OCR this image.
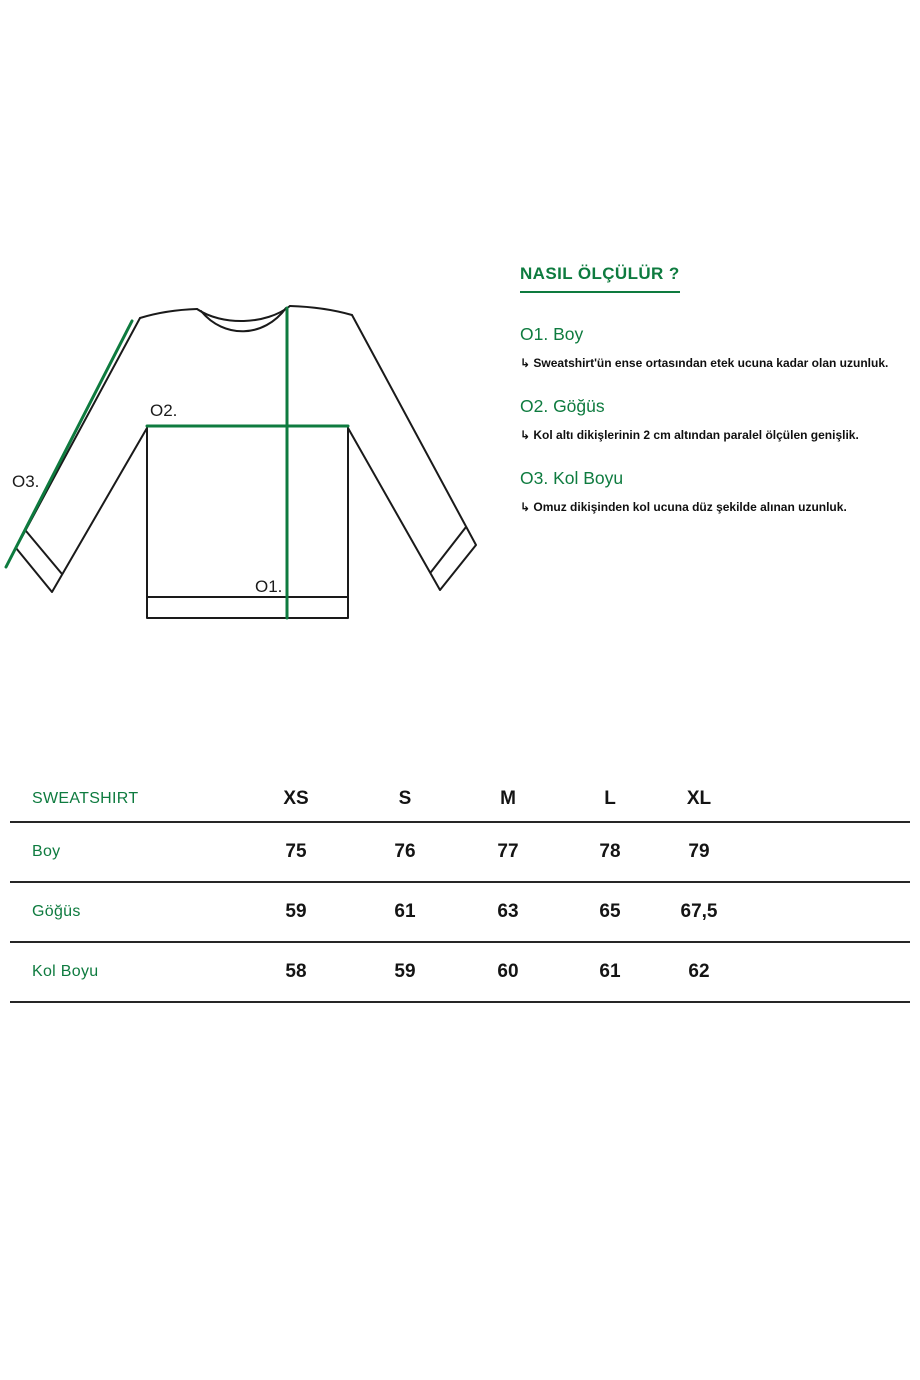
O2.
O1.
O3.
NASIL ÖLÇÜLÜR ?
O1. Boy

↳ Sweatshirt'ün ense ortasından etek ucuna kadar olan uzunluk.

O2. Göğüs

↳ Kol altı dikişlerinin 2 cm altından paralel ölçülen genişlik.

O3. Kol Boyu

↳ Omuz dikişinden kol ucuna düz şekilde alınan uzunluk.

SWEATSHIRT	XS	S	M	L	XL
Boy	75	76	77	78	79
Göğüs	59	61	63	65	67,5
Kol Boyu	58	59	60	61	62
